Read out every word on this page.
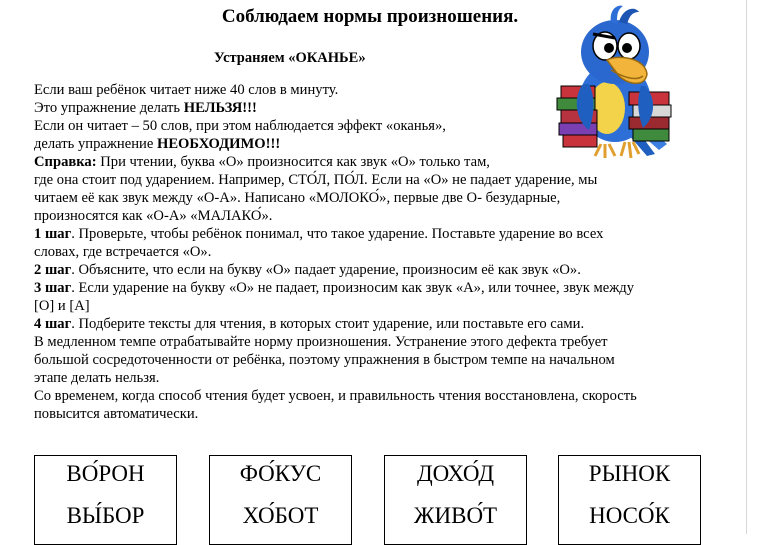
Соблюдаем нормы произношения.
Устраняем «ОКАНЬЕ»
Если ваш ребёнок читает ниже 40 слов в минуту.
Это упражнение делать НЕЛЬЗЯ!!!
Если он читает – 50 слов, при этом наблюдается эффект «оканья»,
делать упражнение НЕОБХОДИМО!!!
Справка: При чтении, буква «О» произносится как звук «О» только там,
где она стоит под ударением. Например, СТО́Л, ПО́Л. Если на «О» не падает ударение, мы
читаем её как звук между «О-А». Написано «МОЛОКО́», первые две О- безударные,
произносятся как «О-А» «МАЛАКО́».
1 шаг. Проверьте, чтобы ребёнок понимал, что такое ударение. Поставьте ударение во всех
словах, где встречается «О».
2 шаг. Объясните, что если на букву «О» падает ударение, произносим её как звук «О».
3 шаг. Если ударение на букву «О» не падает, произносим как звук «А», или точнее, звук между
[О] и [А]
4 шаг. Подберите тексты для чтения, в которых стоит ударение, или поставьте его сами.
В медленном темпе отрабатывайте норму произношения. Устранение этого дефекта требует
большой сосредоточенности от ребёнка, поэтому упражнения в быстром темпе на начальном
этапе делать нельзя.
Со временем, когда способ чтения будет усвоен, и правильность чтения восстановлена, скорость
повысится автоматически.
ВО́РОН
ВЫ́БОР
ФО́КУС
ХО́БОТ
ДОХО́Д
ЖИВО́Т
РЫНОК
НОСО́К
